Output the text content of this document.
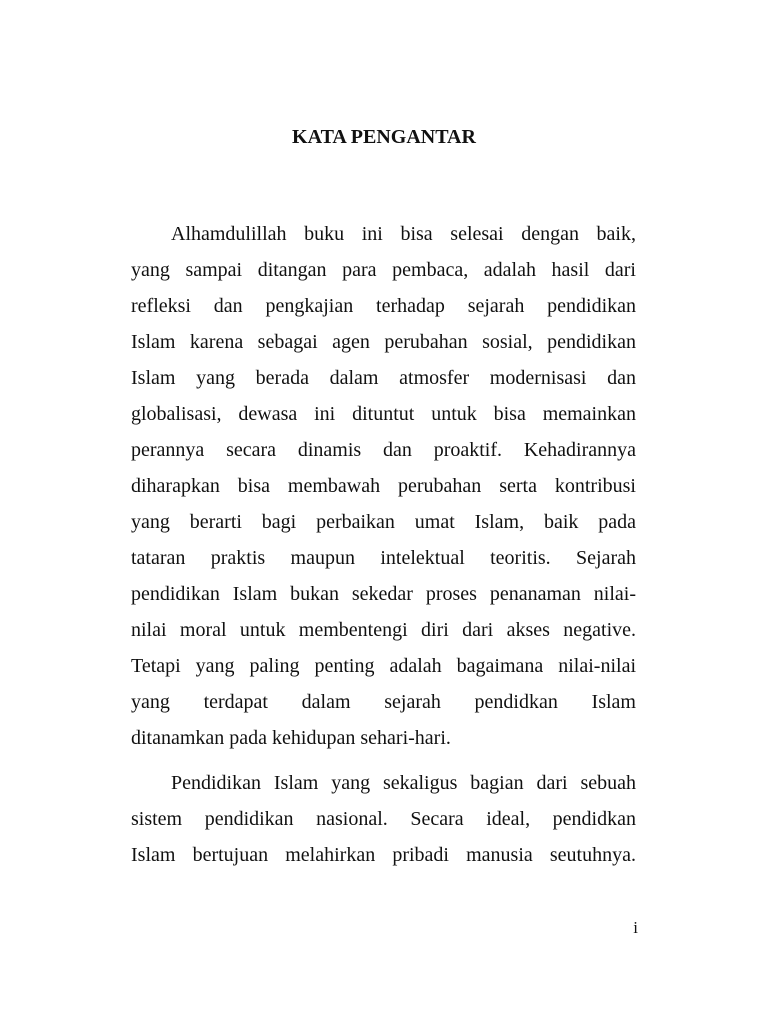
KATA PENGANTAR
Alhamdulillah buku ini bisa selesai dengan baik,
yang sampai ditangan para pembaca, adalah hasil dari
refleksi dan pengkajian terhadap sejarah pendidikan
Islam karena sebagai agen perubahan sosial, pendidikan
Islam yang berada dalam atmosfer modernisasi dan
globalisasi, dewasa ini dituntut untuk bisa memainkan
perannya secara dinamis dan proaktif. Kehadirannya
diharapkan bisa membawah perubahan serta kontribusi
yang berarti bagi perbaikan umat Islam, baik pada
tataran praktis maupun intelektual teoritis. Sejarah
pendidikan Islam bukan sekedar proses penanaman nilai-
nilai moral untuk membentengi diri dari akses negative.
Tetapi yang paling penting adalah bagaimana nilai-nilai
yang terdapat dalam sejarah pendidkan Islam
ditanamkan pada kehidupan sehari-hari.
Pendidikan Islam yang sekaligus bagian dari sebuah
sistem pendidikan nasional. Secara ideal, pendidkan
Islam bertujuan melahirkan pribadi manusia seutuhnya.
i
